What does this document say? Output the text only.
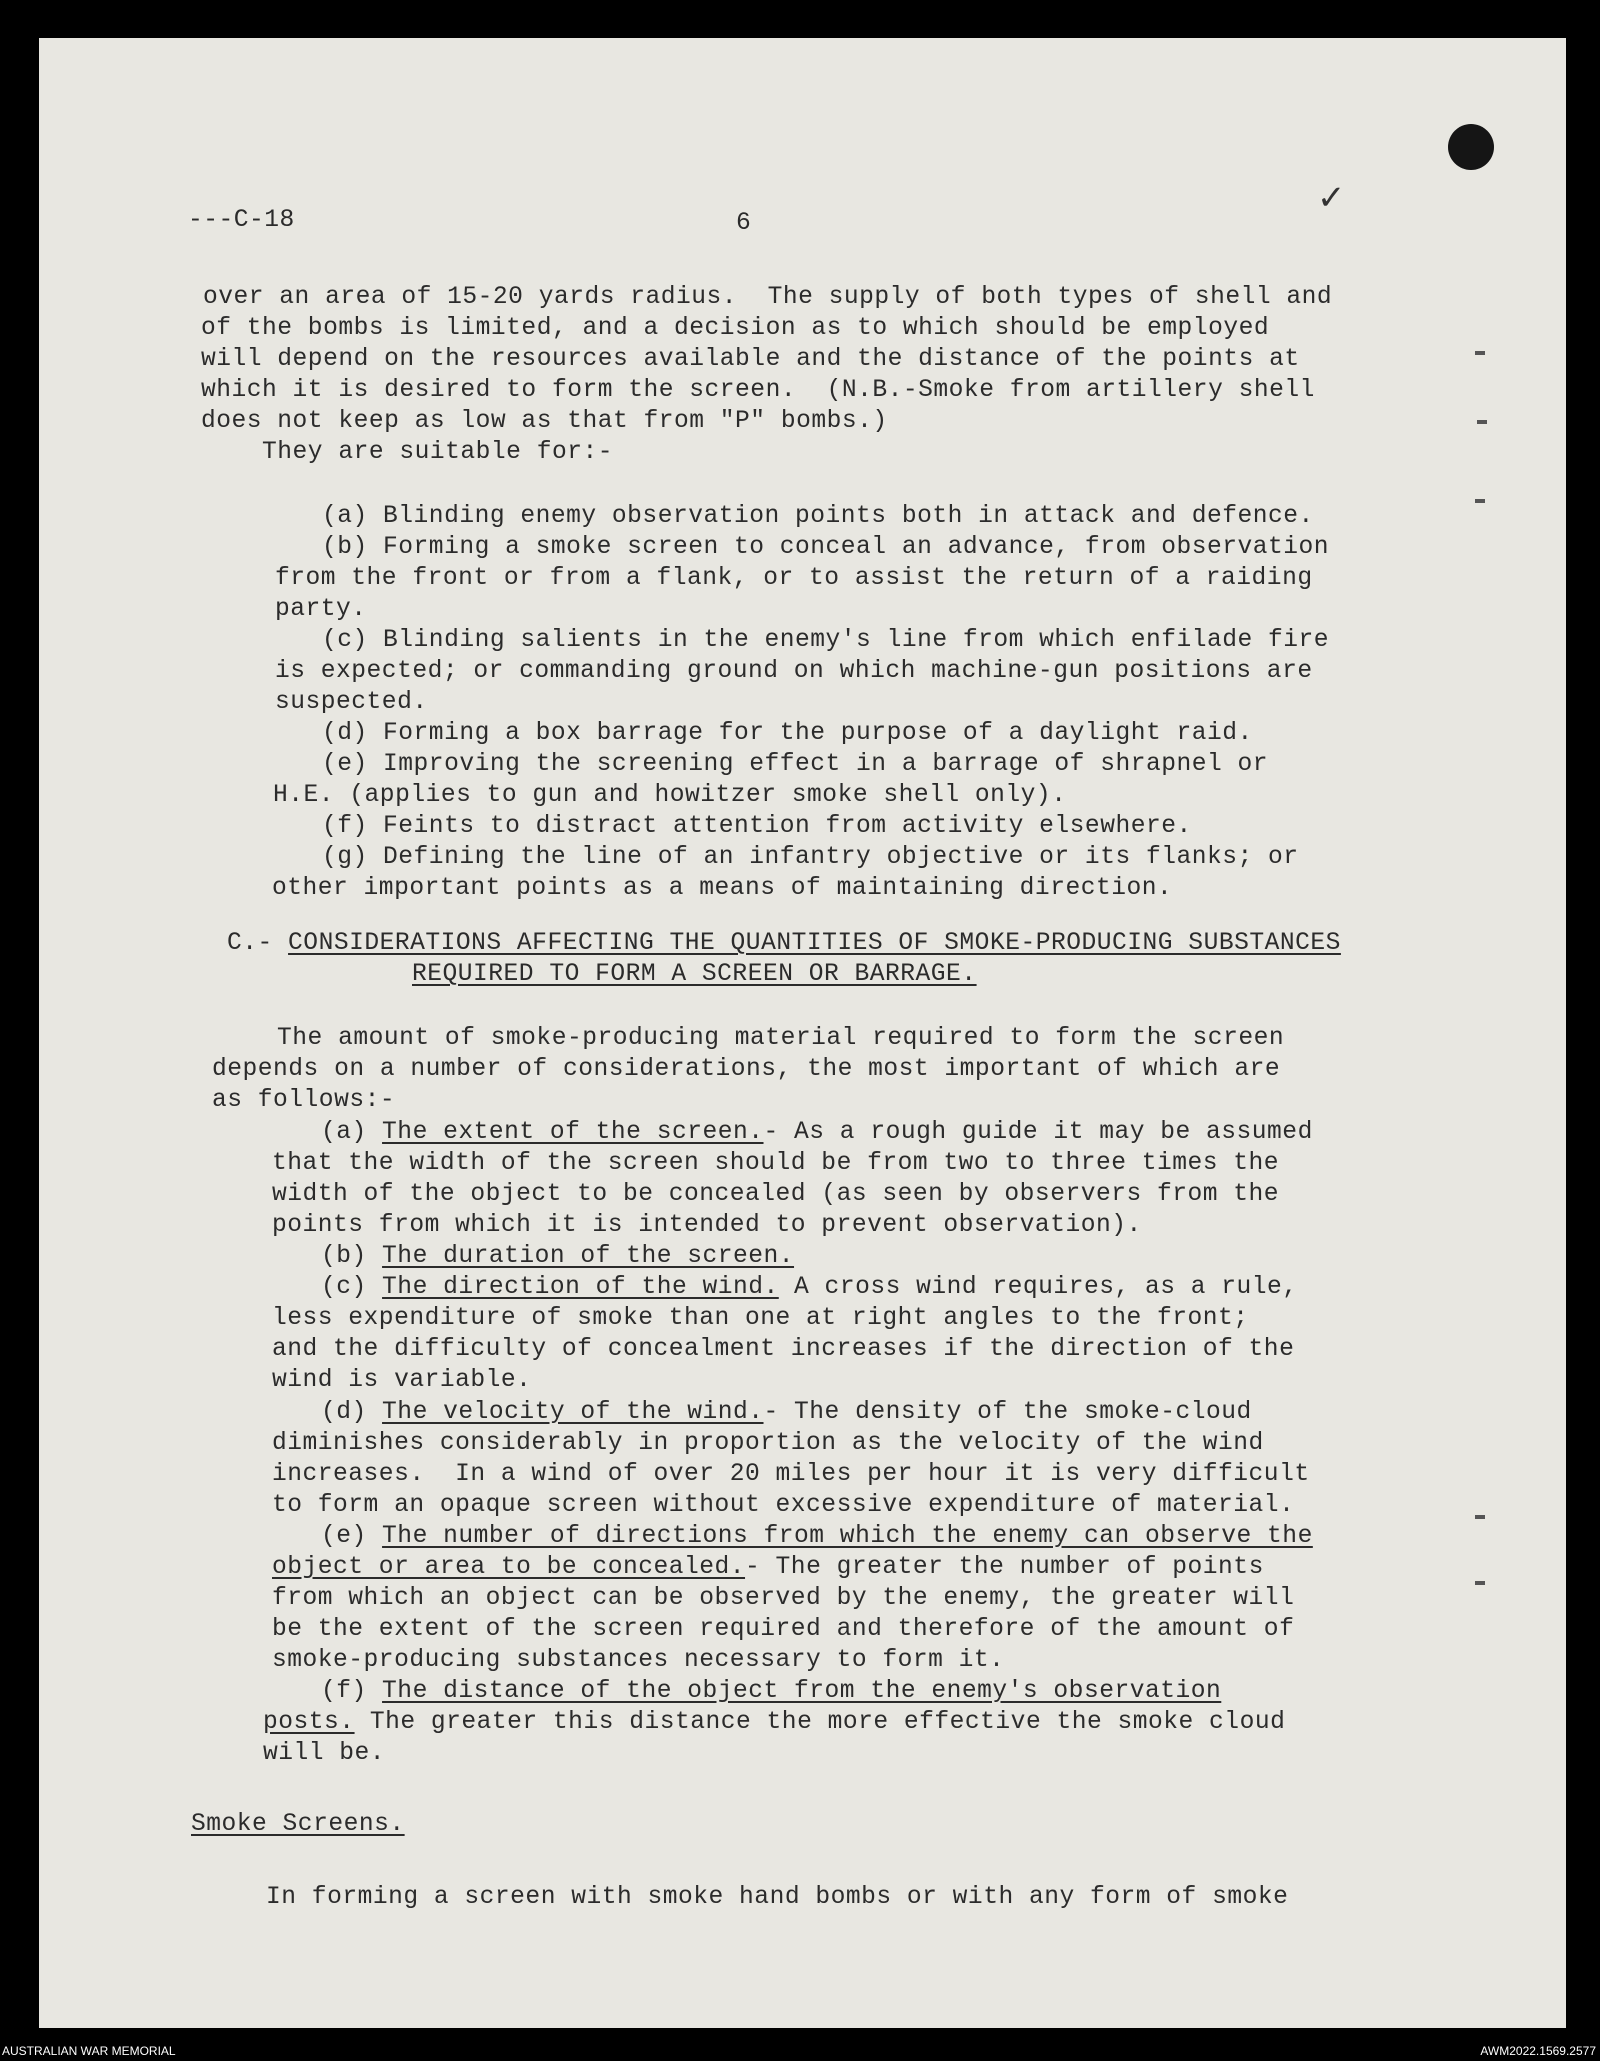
✓
---C-18	6
over an area of 15-20 yards radius.  The supply of both types of shell and
of the bombs is limited, and a decision as to which should be employed
will depend on the resources available and the distance of the points at
which it is desired to form the screen.  (N.B.-Smoke from artillery shell
does not keep as low as that from "P" bombs.)
They are suitable for:-
(a) Blinding enemy observation points both in attack and defence.
(b) Forming a smoke screen to conceal an advance, from observation
from the front or from a flank, or to assist the return of a raiding
party.
(c) Blinding salients in the enemy's line from which enfilade fire
is expected; or commanding ground on which machine-gun positions are
suspected.
(d) Forming a box barrage for the purpose of a daylight raid.
(e) Improving the screening effect in a barrage of shrapnel or
H.E. (applies to gun and howitzer smoke shell only).
(f) Feints to distract attention from activity elsewhere.
(g) Defining the line of an infantry objective or its flanks; or
other important points as a means of maintaining direction.
C.- CONSIDERATIONS AFFECTING THE QUANTITIES OF SMOKE-PRODUCING SUBSTANCES
REQUIRED TO FORM A SCREEN OR BARRAGE.
The amount of smoke-producing material required to form the screen
depends on a number of considerations, the most important of which are
as follows:-
(a) The extent of the screen.- As a rough guide it may be assumed
that the width of the screen should be from two to three times the
width of the object to be concealed (as seen by observers from the
points from which it is intended to prevent observation).
(b) The duration of the screen.
(c) The direction of the wind. A cross wind requires, as a rule,
less expenditure of smoke than one at right angles to the front;
and the difficulty of concealment increases if the direction of the
wind is variable.
(d) The velocity of the wind.- The density of the smoke-cloud
diminishes considerably in proportion as the velocity of the wind
increases.  In a wind of over 20 miles per hour it is very difficult
to form an opaque screen without excessive expenditure of material.
(e) The number of directions from which the enemy can observe the
object or area to be concealed.- The greater the number of points
from which an object can be observed by the enemy, the greater will
be the extent of the screen required and therefore of the amount of
smoke-producing substances necessary to form it.
(f) The distance of the object from the enemy's observation
posts. The greater this distance the more effective the smoke cloud
will be.
Smoke Screens.
In forming a screen with smoke hand bombs or with any form of smoke
AUSTRALIAN WAR MEMORIAL	AWM2022.1569.2577
